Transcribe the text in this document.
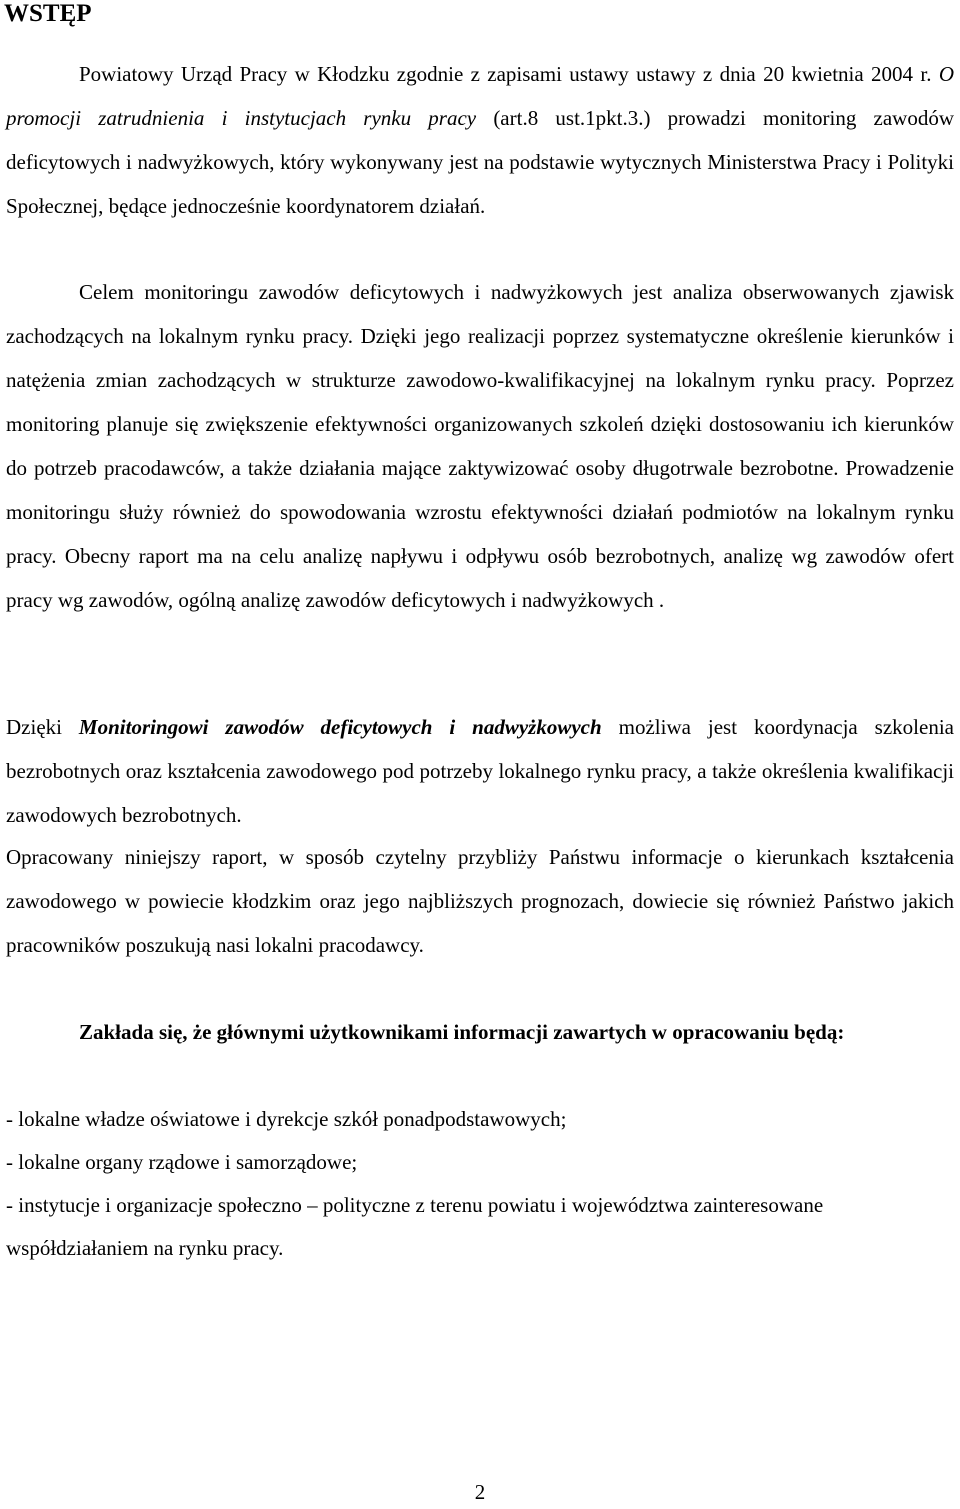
WSTĘP

Powiatowy Urząd Pracy w Kłodzku zgodnie z zapisami ustawy ustawy z dnia 20 kwietnia 2004 r. O promocji zatrudnienia i instytucjach rynku pracy (art.8 ust.1pkt.3.) prowadzi monitoring zawodów deficytowych i nadwyżkowych, który wykonywany jest na podstawie wytycznych Ministerstwa Pracy i Polityki Społecznej, będące jednocześnie koordynatorem działań.

Celem monitoringu zawodów deficytowych i nadwyżkowych jest analiza obserwowanych zjawisk zachodzących na lokalnym rynku pracy. Dzięki jego realizacji poprzez systematyczne określenie kierunków i natężenia zmian zachodzących w strukturze zawodowo-kwalifikacyjnej na lokalnym rynku pracy. Poprzez monitoring planuje się zwiększenie efektywności organizowanych szkoleń dzięki dostosowaniu ich kierunków do potrzeb pracodawców, a także działania mające zaktywizować osoby długotrwale bezrobotne. Prowadzenie monitoringu służy również do spowodowania wzrostu efektywności działań podmiotów na lokalnym rynku pracy. Obecny raport ma na celu analizę napływu i odpływu osób bezrobotnych, analizę wg zawodów ofert pracy wg zawodów, ogólną analizę zawodów deficytowych i nadwyżkowych .

Dzięki Monitoringowi zawodów deficytowych i nadwyżkowych możliwa jest koordynacja szkolenia bezrobotnych oraz kształcenia zawodowego pod potrzeby lokalnego rynku pracy, a także określenia kwalifikacji zawodowych bezrobotnych.

Opracowany niniejszy raport, w sposób czytelny przybliży Państwu informacje o kierunkach kształcenia zawodowego w powiecie kłodzkim oraz jego najbliższych prognozach, dowiecie się również Państwo jakich pracowników poszukują nasi lokalni pracodawcy.

Zakłada się, że głównymi użytkownikami informacji zawartych w opracowaniu będą:

- lokalne władze oświatowe i dyrekcje szkół ponadpodstawowych;
- lokalne organy rządowe i samorządowe;
- instytucje i organizacje społeczno – polityczne z terenu powiatu i województwa zainteresowane współdziałaniem na rynku pracy.
2
